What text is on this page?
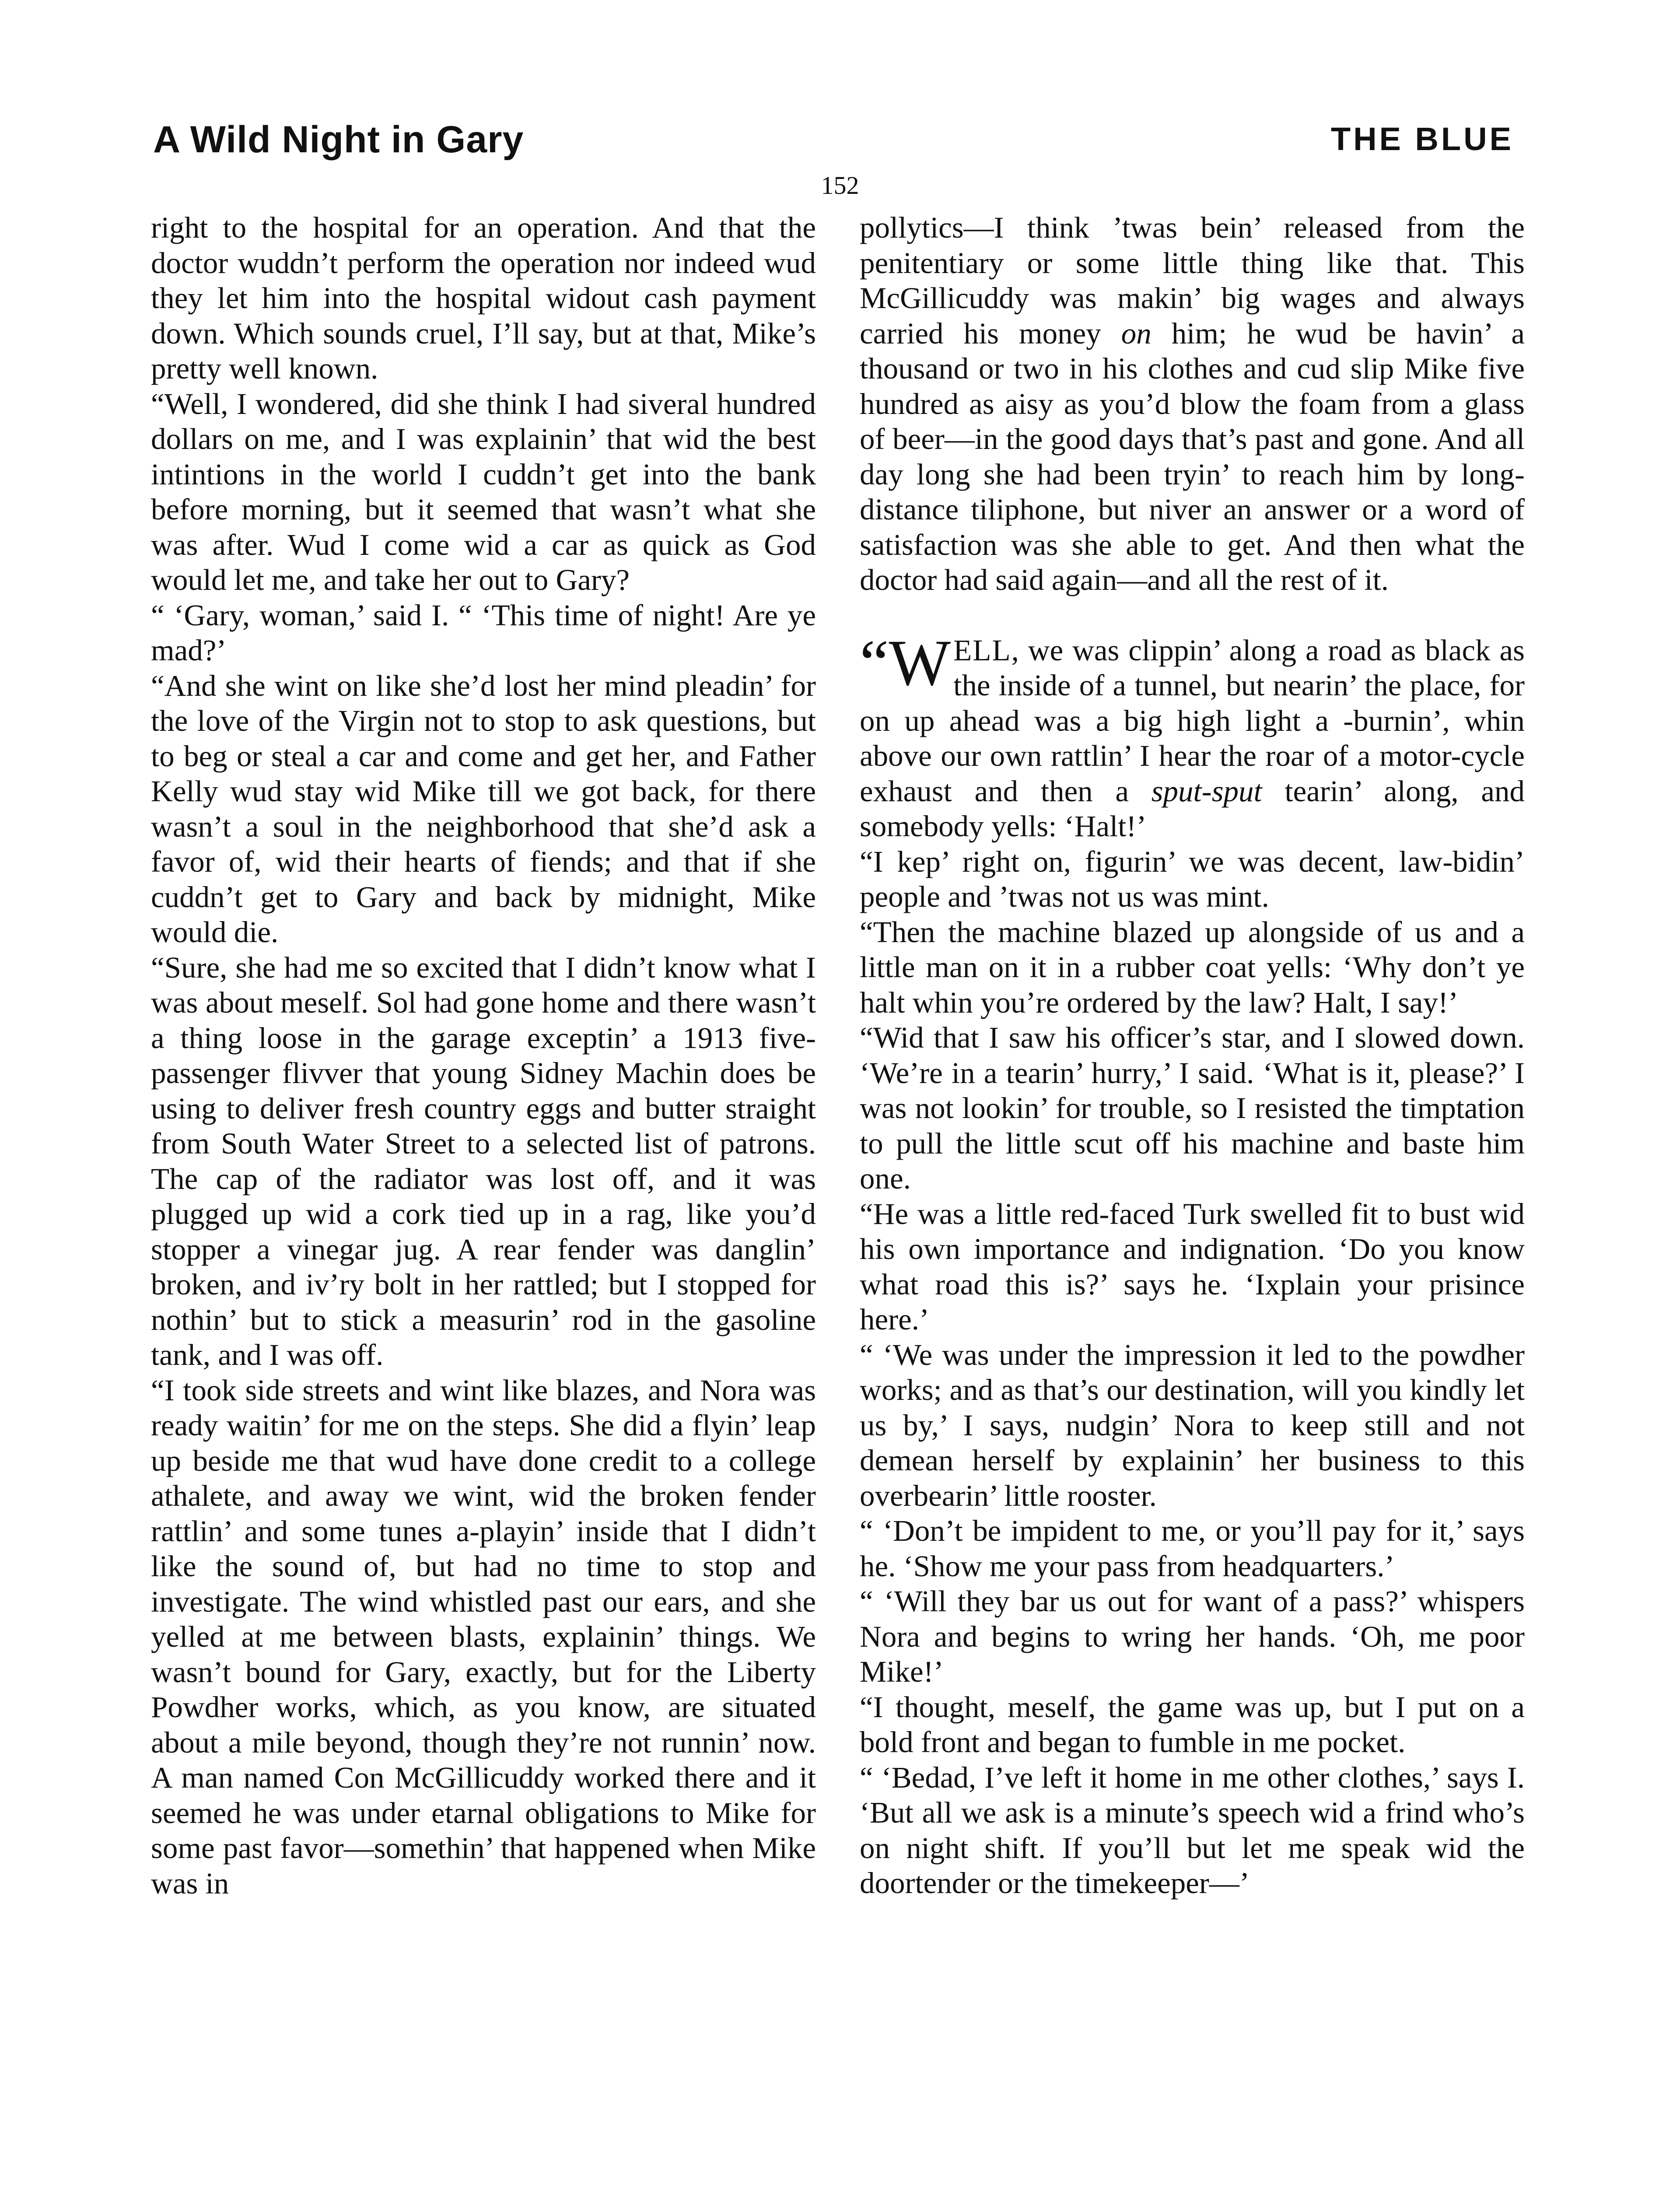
A Wild Night in Gary	THE BLUE
152

right to the hospital for an operation. And that the doctor wuddn’t perform the operation nor indeed wud they let him into the hospital widout cash payment down. Which sounds cruel, I’ll say, but at that, Mike’s pretty well known.

“Well, I wondered, did she think I had siveral hundred dollars on me, and I was explainin’ that wid the best intintions in the world I cuddn’t get into the bank before morning, but it seemed that wasn’t what she was after. Wud I come wid a car as quick as God would let me, and take her out to Gary?

“ ‘Gary, woman,’ said I. “ ‘This time of night! Are ye mad?’

“And she wint on like she’d lost her mind pleadin’ for the love of the Virgin not to stop to ask questions, but to beg or steal a car and come and get her, and Father Kelly wud stay wid Mike till we got back, for there wasn’t a soul in the neighborhood that she’d ask a favor of, wid their hearts of fiends; and that if she cuddn’t get to Gary and back by midnight, Mike would die.

“Sure, she had me so excited that I didn’t know what I was about meself. Sol had gone home and there wasn’t a thing loose in the garage exceptin’ a 1913 five-passenger flivver that young Sidney Machin does be using to deliver fresh country eggs and butter straight from South Water Street to a selected list of patrons. The cap of the radiator was lost off, and it was plugged up wid a cork tied up in a rag, like you’d stopper a vinegar jug. A rear fender was danglin’ broken, and iv’ry bolt in her rattled; but I stopped for nothin’ but to stick a measurin’ rod in the gasoline tank, and I was off.

“I took side streets and wint like blazes, and Nora was ready waitin’ for me on the steps. She did a flyin’ leap up beside me that wud have done credit to a college athalete, and away we wint, wid the broken fender rattlin’ and some tunes a-playin’ inside that I didn’t like the sound of, but had no time to stop and investigate. The wind whistled past our ears, and she yelled at me between blasts, explainin’ things. We wasn’t bound for Gary, exactly, but for the Liberty Powdher works, which, as you know, are situated about a mile beyond, though they’re not runnin’ now. A man named Con McGillicuddy worked there and it seemed he was under etarnal obligations to Mike for some past favor—somethin’ that happened when Mike was in

pollytics—I think ’twas bein’ released from the penitentiary or some little thing like that. This McGillicuddy was makin’ big wages and always carried his money on him; he wud be havin’ a thousand or two in his clothes and cud slip Mike five hundred as aisy as you’d blow the foam from a glass of beer—in the good days that’s past and gone. And all day long she had been tryin’ to reach him by long-distance tiliphone, but niver an answer or a word of satisfaction was she able to get. And then what the doctor had said again—and all the rest of it.

“WELL, we was clippin’ along a road as black as the inside of a tunnel, but nearin’ the place, for on up ahead was a big high light a -burnin’, whin above our own rattlin’ I hear the roar of a motor-cycle exhaust and then a sput-sput tearin’ along, and somebody yells: ‘Halt!’

“I kep’ right on, figurin’ we was decent, law-bidin’ people and ’twas not us was mint.

“Then the machine blazed up alongside of us and a little man on it in a rubber coat yells: ‘Why don’t ye halt whin you’re ordered by the law? Halt, I say!’

“Wid that I saw his officer’s star, and I slowed down. ‘We’re in a tearin’ hurry,’ I said. ‘What is it, please?’ I was not lookin’ for trouble, so I resisted the timptation to pull the little scut off his machine and baste him one.

“He was a little red-faced Turk swelled fit to bust wid his own importance and indignation. ‘Do you know what road this is?’ says he. ‘Ixplain your prisince here.’

“ ‘We was under the impression it led to the powdher works; and as that’s our destination, will you kindly let us by,’ I says, nudgin’ Nora to keep still and not demean herself by explainin’ her business to this overbearin’ little rooster.

“ ‘Don’t be impident to me, or you’ll pay for it,’ says he. ‘Show me your pass from headquarters.’

“ ‘Will they bar us out for want of a pass?’ whispers Nora and begins to wring her hands. ‘Oh, me poor Mike!’

“I thought, meself, the game was up, but I put on a bold front and began to fumble in me pocket.

“ ‘Bedad, I’ve left it home in me other clothes,’ says I. ‘But all we ask is a minute’s speech wid a frind who’s on night shift. If you’ll but let me speak wid the doortender or the timekeeper—’
